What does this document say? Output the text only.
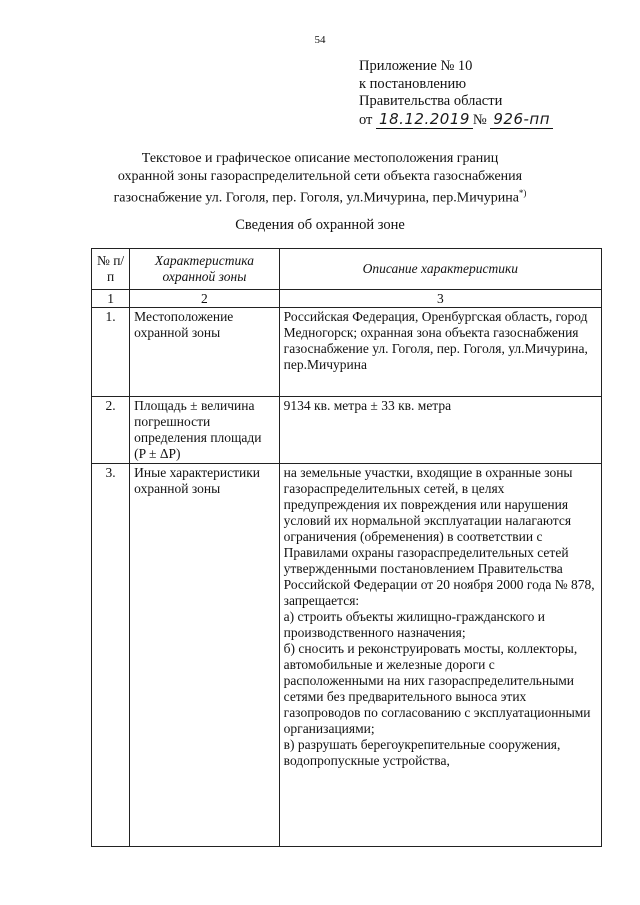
54
Приложение № 10
к постановлению
Правительства области
от 18.12.2019 № 926-пп
Текстовое и графическое описание местоположения границ
охранной зоны газораспределительной сети объекта газоснабжения
газоснабжение ул. Гоголя, пер. Гоголя, ул.Мичурина, пер.Мичурина*)
Сведения об охранной зоне
№ п/п	Характеристика охранной зоны	Описание характеристики
1	2	3
1.	Местоположение охранной зоны	Российская Федерация, Оренбургская область, город Медногорск; охранная зона объекта газоснабжения газоснабжение ул. Гоголя, пер. Гоголя, ул.Мичурина, пер.Мичурина
2.	Площадь ± величина погрешности определения площади (P ± ΔP)	9134 кв. метра ± 33 кв. метра
3.	Иные характеристики охранной зоны	на земельные участки, входящие в охранные зоны газораспределительных сетей, в целях предупреждения их повреждения или нарушения условий их нормальной эксплуатации налагаются ограничения (обременения) в соответствии с Правилами охраны газораспределительных сетей утвержденными постановлением Правительства Российской Федерации от 20 ноября 2000 года № 878, запрещается:
а) строить объекты жилищно-гражданского и производственного назначения;
б) сносить и реконструировать мосты, коллекторы, автомобильные и железные дороги с расположенными на них газораспределительными сетями без предварительного выноса этих газопроводов по согласованию с эксплуатационными организациями;
в) разрушать берегоукрепительные сооружения, водопропускные устройства,
